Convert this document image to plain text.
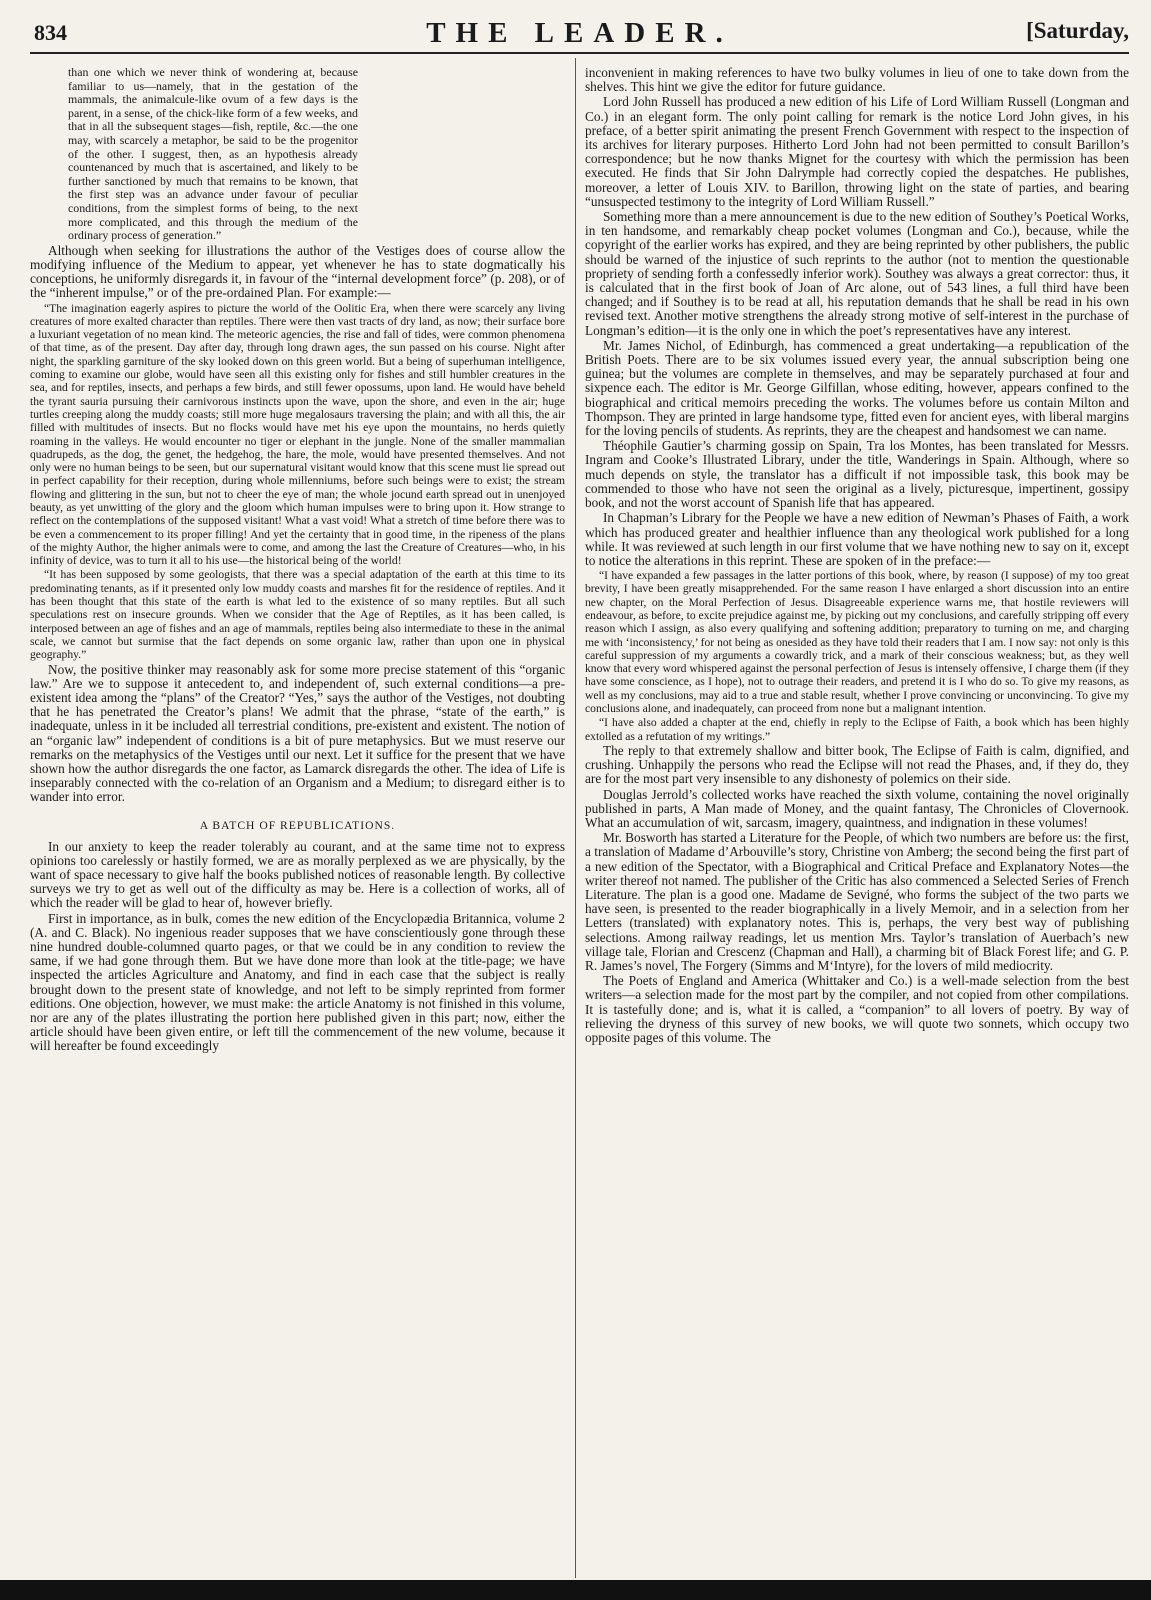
834	THE LEADER.	[Saturday,

than one which we never think of wondering at, because familiar to us—namely, that in the gestation of the mammals, the animalcule-like ovum of a few days is the parent, in a sense, of the chick-like form of a few weeks, and that in all the subsequent stages—fish, reptile, &c.—the one may, with scarcely a metaphor, be said to be the progenitor of the other. I suggest, then, as an hypothesis already countenanced by much that is ascertained, and likely to be further sanctioned by much that remains to be known, that the first step was an advance under favour of peculiar conditions, from the simplest forms of being, to the next more complicated, and this through the medium of the ordinary process of generation.”

Although when seeking for illustrations the author of the Vestiges does of course allow the modifying influence of the Medium to appear, yet whenever he has to state dogmatically his conceptions, he uniformly disregards it, in favour of the “internal development force” (p. 208), or of the “inherent impulse,” or of the pre-ordained Plan. For example:—

“The imagination eagerly aspires to picture the world of the Oolitic Era, when there were scarcely any living creatures of more exalted character than reptiles. There were then vast tracts of dry land, as now; their surface bore a luxuriant vegetation of no mean kind. The meteoric agencies, the rise and fall of tides, were common phenomena of that time, as of the present. Day after day, through long drawn ages, the sun passed on his course. Night after night, the sparkling garniture of the sky looked down on this green world. But a being of superhuman intelligence, coming to examine our globe, would have seen all this existing only for fishes and still humbler creatures in the sea, and for reptiles, insects, and perhaps a few birds, and still fewer opossums, upon land. He would have beheld the tyrant sauria pursuing their carnivorous instincts upon the wave, upon the shore, and even in the air; huge turtles creeping along the muddy coasts; still more huge megalosaurs traversing the plain; and with all this, the air filled with multitudes of insects. But no flocks would have met his eye upon the mountains, no herds quietly roaming in the valleys. He would encounter no tiger or elephant in the jungle. None of the smaller mammalian quadrupeds, as the dog, the genet, the hedgehog, the hare, the mole, would have presented themselves. And not only were no human beings to be seen, but our supernatural visitant would know that this scene must lie spread out in perfect capability for their reception, during whole millenniums, before such beings were to exist; the stream flowing and glittering in the sun, but not to cheer the eye of man; the whole jocund earth spread out in unenjoyed beauty, as yet unwitting of the glory and the gloom which human impulses were to bring upon it. How strange to reflect on the contemplations of the supposed visitant! What a vast void! What a stretch of time before there was to be even a commencement to its proper filling! And yet the certainty that in good time, in the ripeness of the plans of the mighty Author, the higher animals were to come, and among the last the Creature of Creatures—who, in his infinity of device, was to turn it all to his use—the historical being of the world!

“It has been supposed by some geologists, that there was a special adaptation of the earth at this time to its predominating tenants, as if it presented only low muddy coasts and marshes fit for the residence of reptiles. And it has been thought that this state of the earth is what led to the existence of so many reptiles. But all such speculations rest on insecure grounds. When we consider that the Age of Reptiles, as it has been called, is interposed between an age of fishes and an age of mammals, reptiles being also intermediate to these in the animal scale, we cannot but surmise that the fact depends on some organic law, rather than upon one in physical geography.”

Now, the positive thinker may reasonably ask for some more precise statement of this “organic law.” Are we to suppose it antecedent to, and independent of, such external conditions—a pre-existent idea among the “plans” of the Creator? “Yes,” says the author of the Vestiges, not doubting that he has penetrated the Creator’s plans! We admit that the phrase, “state of the earth,” is inadequate, unless in it be included all terrestrial conditions, pre-existent and existent. The notion of an “organic law” independent of conditions is a bit of pure metaphysics. But we must reserve our remarks on the metaphysics of the Vestiges until our next. Let it suffice for the present that we have shown how the author disregards the one factor, as Lamarck disregards the other. The idea of Life is inseparably connected with the co-relation of an Organism and a Medium; to disregard either is to wander into error.

A BATCH OF REPUBLICATIONS.

In our anxiety to keep the reader tolerably au courant, and at the same time not to express opinions too carelessly or hastily formed, we are as morally perplexed as we are physically, by the want of space necessary to give half the books published notices of reasonable length. By collective surveys we try to get as well out of the difficulty as may be. Here is a collection of works, all of which the reader will be glad to hear of, however briefly.

First in importance, as in bulk, comes the new edition of the Encyclopædia Britannica, volume 2 (A. and C. Black). No ingenious reader supposes that we have conscientiously gone through these nine hundred double-columned quarto pages, or that we could be in any condition to review the same, if we had gone through them. But we have done more than look at the title-page; we have inspected the articles Agriculture and Anatomy, and find in each case that the subject is really brought down to the present state of knowledge, and not left to be simply reprinted from former editions. One objection, however, we must make: the article Anatomy is not finished in this volume, nor are any of the plates illustrating the portion here published given in this part; now, either the article should have been given entire, or left till the commencement of the new volume, because it will hereafter be found exceedingly

inconvenient in making references to have two bulky volumes in lieu of one to take down from the shelves. This hint we give the editor for future guidance.

Lord John Russell has produced a new edition of his Life of Lord William Russell (Longman and Co.) in an elegant form. The only point calling for remark is the notice Lord John gives, in his preface, of a better spirit animating the present French Government with respect to the inspection of its archives for literary purposes. Hitherto Lord John had not been permitted to consult Barillon’s correspondence; but he now thanks Mignet for the courtesy with which the permission has been executed. He finds that Sir John Dalrymple had correctly copied the despatches. He publishes, moreover, a letter of Louis XIV. to Barillon, throwing light on the state of parties, and bearing “unsuspected testimony to the integrity of Lord William Russell.”

Something more than a mere announcement is due to the new edition of Southey’s Poetical Works, in ten handsome, and remarkably cheap pocket volumes (Longman and Co.), because, while the copyright of the earlier works has expired, and they are being reprinted by other publishers, the public should be warned of the injustice of such reprints to the author (not to mention the questionable propriety of sending forth a confessedly inferior work). Southey was always a great corrector: thus, it is calculated that in the first book of Joan of Arc alone, out of 543 lines, a full third have been changed; and if Southey is to be read at all, his reputation demands that he shall be read in his own revised text. Another motive strengthens the already strong motive of self-interest in the purchase of Longman’s edition—it is the only one in which the poet’s representatives have any interest.

Mr. James Nichol, of Edinburgh, has commenced a great undertaking—a republication of the British Poets. There are to be six volumes issued every year, the annual subscription being one guinea; but the volumes are complete in themselves, and may be separately purchased at four and sixpence each. The editor is Mr. George Gilfillan, whose editing, however, appears confined to the biographical and critical memoirs preceding the works. The volumes before us contain Milton and Thompson. They are printed in large handsome type, fitted even for ancient eyes, with liberal margins for the loving pencils of students. As reprints, they are the cheapest and handsomest we can name.

Théophile Gautier’s charming gossip on Spain, Tra los Montes, has been translated for Messrs. Ingram and Cooke’s Illustrated Library, under the title, Wanderings in Spain. Although, where so much depends on style, the translator has a difficult if not impossible task, this book may be commended to those who have not seen the original as a lively, picturesque, impertinent, gossipy book, and not the worst account of Spanish life that has appeared.

In Chapman’s Library for the People we have a new edition of Newman’s Phases of Faith, a work which has produced greater and healthier influence than any theological work published for a long while. It was reviewed at such length in our first volume that we have nothing new to say on it, except to notice the alterations in this reprint. These are spoken of in the preface:—

“I have expanded a few passages in the latter portions of this book, where, by reason (I suppose) of my too great brevity, I have been greatly misapprehended. For the same reason I have enlarged a short discussion into an entire new chapter, on the Moral Perfection of Jesus. Disagreeable experience warns me, that hostile reviewers will endeavour, as before, to excite prejudice against me, by picking out my conclusions, and carefully stripping off every reason which I assign, as also every qualifying and softening addition; preparatory to turning on me, and charging me with ‘inconsistency,’ for not being as onesided as they have told their readers that I am. I now say: not only is this careful suppression of my arguments a cowardly trick, and a mark of their conscious weakness; but, as they well know that every word whispered against the personal perfection of Jesus is intensely offensive, I charge them (if they have some conscience, as I hope), not to outrage their readers, and pretend it is I who do so. To give my reasons, as well as my conclusions, may aid to a true and stable result, whether I prove convincing or unconvincing. To give my conclusions alone, and inadequately, can proceed from none but a malignant intention.

“I have also added a chapter at the end, chiefly in reply to the Eclipse of Faith, a book which has been highly extolled as a refutation of my writings.”

The reply to that extremely shallow and bitter book, The Eclipse of Faith is calm, dignified, and crushing. Unhappily the persons who read the Eclipse will not read the Phases, and, if they do, they are for the most part very insensible to any dishonesty of polemics on their side.

Douglas Jerrold’s collected works have reached the sixth volume, containing the novel originally published in parts, A Man made of Money, and the quaint fantasy, The Chronicles of Clovernook. What an accumulation of wit, sarcasm, imagery, quaintness, and indignation in these volumes!

Mr. Bosworth has started a Literature for the People, of which two numbers are before us: the first, a translation of Madame d’Arbouville’s story, Christine von Amberg; the second being the first part of a new edition of the Spectator, with a Biographical and Critical Preface and Explanatory Notes—the writer thereof not named. The publisher of the Critic has also commenced a Selected Series of French Literature. The plan is a good one. Madame de Sevigné, who forms the subject of the two parts we have seen, is presented to the reader biographically in a lively Memoir, and in a selection from her Letters (translated) with explanatory notes. This is, perhaps, the very best way of publishing selections. Among railway readings, let us mention Mrs. Taylor’s translation of Auerbach’s new village tale, Florian and Crescenz (Chapman and Hall), a charming bit of Black Forest life; and G. P. R. James’s novel, The Forgery (Simms and M‘Intyre), for the lovers of mild mediocrity.

The Poets of England and America (Whittaker and Co.) is a well-made selection from the best writers—a selection made for the most part by the compiler, and not copied from other compilations. It is tastefully done; and is, what it is called, a “companion” to all lovers of poetry. By way of relieving the dryness of this survey of new books, we will quote two sonnets, which occupy two opposite pages of this volume. The
